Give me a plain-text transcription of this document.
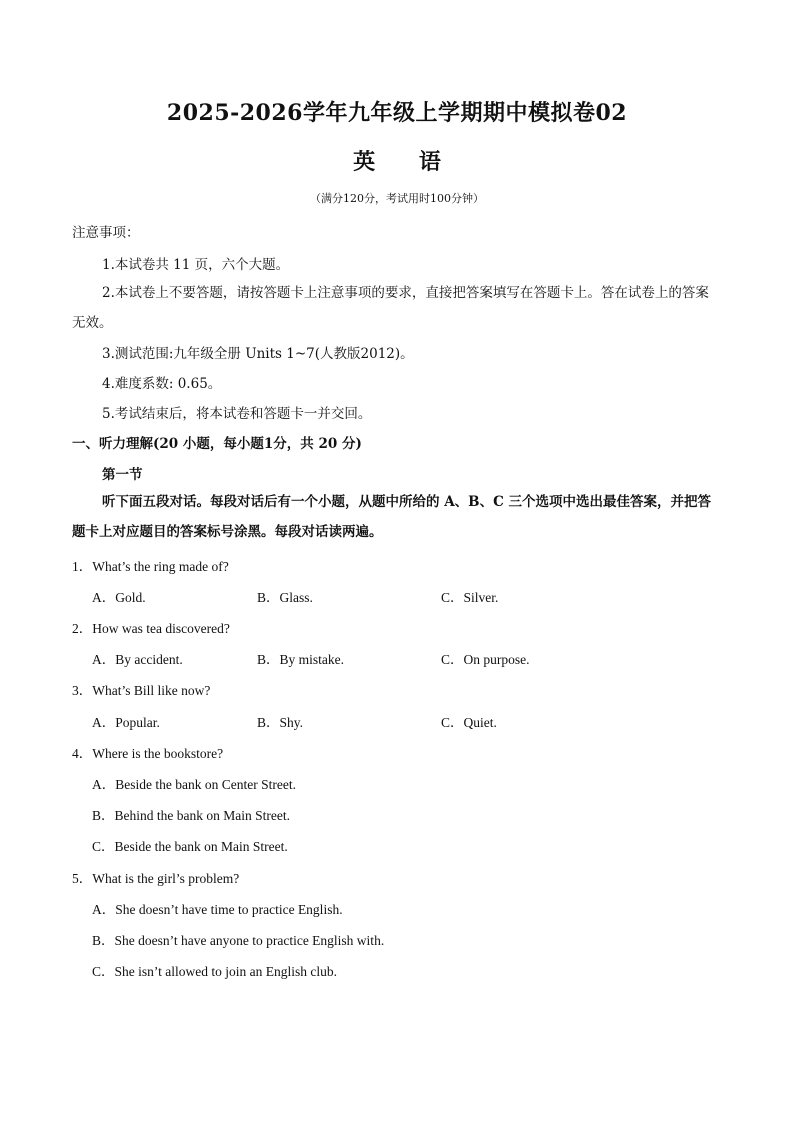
2025-2026学年九年级上学期期中模拟卷02
英 语
（满分120分，考试用时100分钟）
注意事项：
1.本试卷共 11 页，六个大题。
2.本试卷上不要答题，请按答题卡上注意事项的要求，直接把答案填写在答题卡上。答在试卷上的答案无效。
3.测试范围:九年级全册 Units 1~7(人教版2012)。
4.难度系数: 0.65。
5.考试结束后，将本试卷和答题卡一并交回。
一、听力理解(20 小题，每小题1分，共 20 分)
第一节
听下面五段对话。每段对话后有一个小题，从题中所给的 A、B、C 三个选项中选出最佳答案，并把答题卡上对应题目的答案标号涂黑。每段对话读两遍。
1．What’s the ring made of?
A．Gold.	B．Glass.	C．Silver.
2．How was tea discovered?
A．By accident.	B．By mistake.	C．On purpose.
3．What’s Bill like now?
A．Popular.	B．Shy.	C．Quiet.
4．Where is the bookstore?
A．Beside the bank on Center Street.
B．Behind the bank on Main Street.
C．Beside the bank on Main Street.
5．What is the girl’s problem?
A．She doesn’t have time to practice English.
B．She doesn’t have anyone to practice English with.
C．She isn’t allowed to join an English club.
